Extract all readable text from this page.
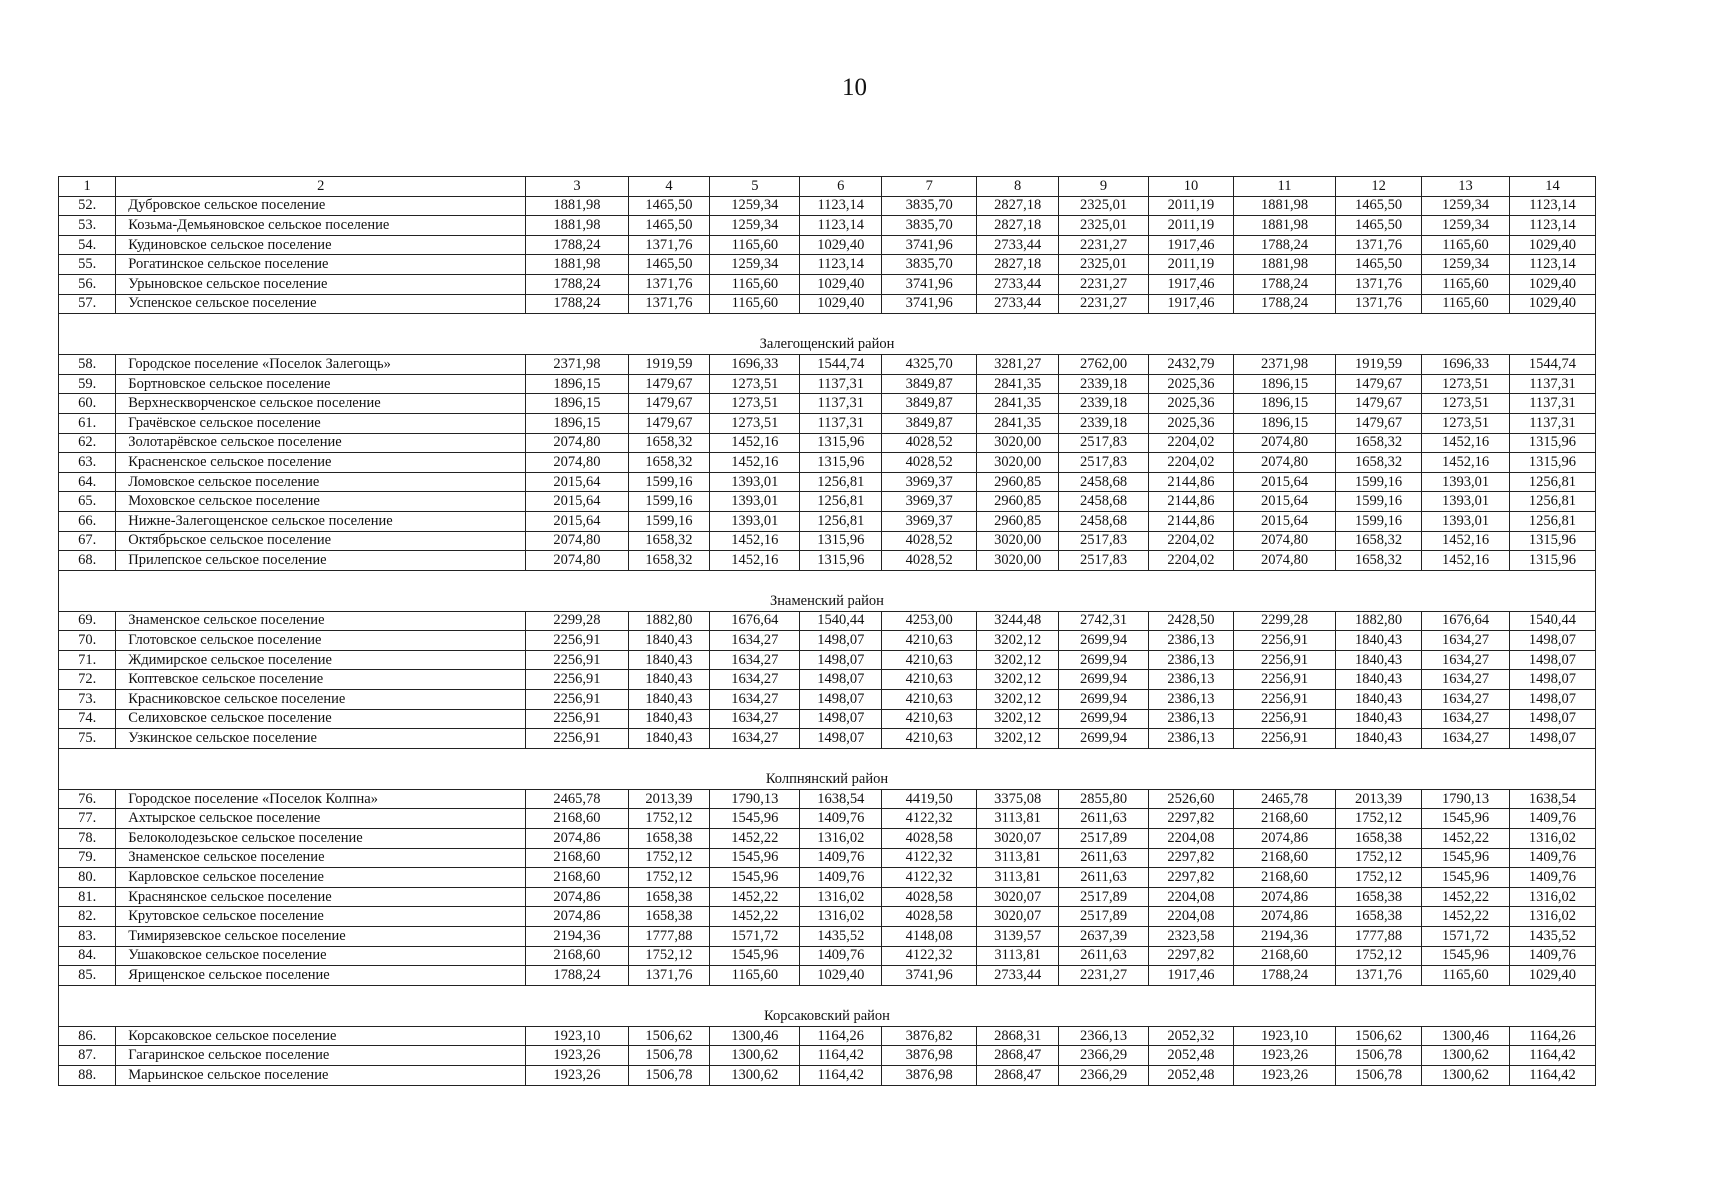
10
1	2	3	4	5	6	7	8	9	10	11	12	13	14
52.	Дубровское сельское поселение	1881,98	1465,50	1259,34	1123,14	3835,70	2827,18	2325,01	2011,19	1881,98	1465,50	1259,34	1123,14
53.	Козьма-Демьяновское сельское поселение	1881,98	1465,50	1259,34	1123,14	3835,70	2827,18	2325,01	2011,19	1881,98	1465,50	1259,34	1123,14
54.	Кудиновское сельское поселение	1788,24	1371,76	1165,60	1029,40	3741,96	2733,44	2231,27	1917,46	1788,24	1371,76	1165,60	1029,40
55.	Рогатинское сельское поселение	1881,98	1465,50	1259,34	1123,14	3835,70	2827,18	2325,01	2011,19	1881,98	1465,50	1259,34	1123,14
56.	Урыновское сельское поселение	1788,24	1371,76	1165,60	1029,40	3741,96	2733,44	2231,27	1917,46	1788,24	1371,76	1165,60	1029,40
57.	Успенское сельское поселение	1788,24	1371,76	1165,60	1029,40	3741,96	2733,44	2231,27	1917,46	1788,24	1371,76	1165,60	1029,40
Залегощенский район													
58.	Городское поселение «Поселок Залегощь»	2371,98	1919,59	1696,33	1544,74	4325,70	3281,27	2762,00	2432,79	2371,98	1919,59	1696,33	1544,74
59.	Бортновское сельское поселение	1896,15	1479,67	1273,51	1137,31	3849,87	2841,35	2339,18	2025,36	1896,15	1479,67	1273,51	1137,31
60.	Верхнескворченское сельское поселение	1896,15	1479,67	1273,51	1137,31	3849,87	2841,35	2339,18	2025,36	1896,15	1479,67	1273,51	1137,31
61.	Грачёвское сельское поселение	1896,15	1479,67	1273,51	1137,31	3849,87	2841,35	2339,18	2025,36	1896,15	1479,67	1273,51	1137,31
62.	Золотарёвское сельское поселение	2074,80	1658,32	1452,16	1315,96	4028,52	3020,00	2517,83	2204,02	2074,80	1658,32	1452,16	1315,96
63.	Красненское сельское поселение	2074,80	1658,32	1452,16	1315,96	4028,52	3020,00	2517,83	2204,02	2074,80	1658,32	1452,16	1315,96
64.	Ломовское сельское поселение	2015,64	1599,16	1393,01	1256,81	3969,37	2960,85	2458,68	2144,86	2015,64	1599,16	1393,01	1256,81
65.	Моховское сельское поселение	2015,64	1599,16	1393,01	1256,81	3969,37	2960,85	2458,68	2144,86	2015,64	1599,16	1393,01	1256,81
66.	Нижне-Залегощенское сельское поселение	2015,64	1599,16	1393,01	1256,81	3969,37	2960,85	2458,68	2144,86	2015,64	1599,16	1393,01	1256,81
67.	Октябрьское сельское поселение	2074,80	1658,32	1452,16	1315,96	4028,52	3020,00	2517,83	2204,02	2074,80	1658,32	1452,16	1315,96
68.	Прилепское сельское поселение	2074,80	1658,32	1452,16	1315,96	4028,52	3020,00	2517,83	2204,02	2074,80	1658,32	1452,16	1315,96
Знаменский район													
69.	Знаменское сельское поселение	2299,28	1882,80	1676,64	1540,44	4253,00	3244,48	2742,31	2428,50	2299,28	1882,80	1676,64	1540,44
70.	Глотовское сельское поселение	2256,91	1840,43	1634,27	1498,07	4210,63	3202,12	2699,94	2386,13	2256,91	1840,43	1634,27	1498,07
71.	Ждимирское сельское поселение	2256,91	1840,43	1634,27	1498,07	4210,63	3202,12	2699,94	2386,13	2256,91	1840,43	1634,27	1498,07
72.	Коптевское сельское поселение	2256,91	1840,43	1634,27	1498,07	4210,63	3202,12	2699,94	2386,13	2256,91	1840,43	1634,27	1498,07
73.	Красниковское сельское поселение	2256,91	1840,43	1634,27	1498,07	4210,63	3202,12	2699,94	2386,13	2256,91	1840,43	1634,27	1498,07
74.	Селиховское сельское поселение	2256,91	1840,43	1634,27	1498,07	4210,63	3202,12	2699,94	2386,13	2256,91	1840,43	1634,27	1498,07
75.	Узкинское сельское поселение	2256,91	1840,43	1634,27	1498,07	4210,63	3202,12	2699,94	2386,13	2256,91	1840,43	1634,27	1498,07
Колпнянский район													
76.	Городское поселение «Поселок Колпна»	2465,78	2013,39	1790,13	1638,54	4419,50	3375,08	2855,80	2526,60	2465,78	2013,39	1790,13	1638,54
77.	Ахтырское сельское поселение	2168,60	1752,12	1545,96	1409,76	4122,32	3113,81	2611,63	2297,82	2168,60	1752,12	1545,96	1409,76
78.	Белоколодезьское сельское поселение	2074,86	1658,38	1452,22	1316,02	4028,58	3020,07	2517,89	2204,08	2074,86	1658,38	1452,22	1316,02
79.	Знаменское сельское поселение	2168,60	1752,12	1545,96	1409,76	4122,32	3113,81	2611,63	2297,82	2168,60	1752,12	1545,96	1409,76
80.	Карловское сельское поселение	2168,60	1752,12	1545,96	1409,76	4122,32	3113,81	2611,63	2297,82	2168,60	1752,12	1545,96	1409,76
81.	Краснянское сельское поселение	2074,86	1658,38	1452,22	1316,02	4028,58	3020,07	2517,89	2204,08	2074,86	1658,38	1452,22	1316,02
82.	Крутовское сельское поселение	2074,86	1658,38	1452,22	1316,02	4028,58	3020,07	2517,89	2204,08	2074,86	1658,38	1452,22	1316,02
83.	Тимирязевское сельское поселение	2194,36	1777,88	1571,72	1435,52	4148,08	3139,57	2637,39	2323,58	2194,36	1777,88	1571,72	1435,52
84.	Ушаковское сельское поселение	2168,60	1752,12	1545,96	1409,76	4122,32	3113,81	2611,63	2297,82	2168,60	1752,12	1545,96	1409,76
85.	Ярищенское сельское поселение	1788,24	1371,76	1165,60	1029,40	3741,96	2733,44	2231,27	1917,46	1788,24	1371,76	1165,60	1029,40
Корсаковский район													
86.	Корсаковское сельское поселение	1923,10	1506,62	1300,46	1164,26	3876,82	2868,31	2366,13	2052,32	1923,10	1506,62	1300,46	1164,26
87.	Гагаринское сельское поселение	1923,26	1506,78	1300,62	1164,42	3876,98	2868,47	2366,29	2052,48	1923,26	1506,78	1300,62	1164,42
88.	Марьинское сельское поселение	1923,26	1506,78	1300,62	1164,42	3876,98	2868,47	2366,29	2052,48	1923,26	1506,78	1300,62	1164,42
